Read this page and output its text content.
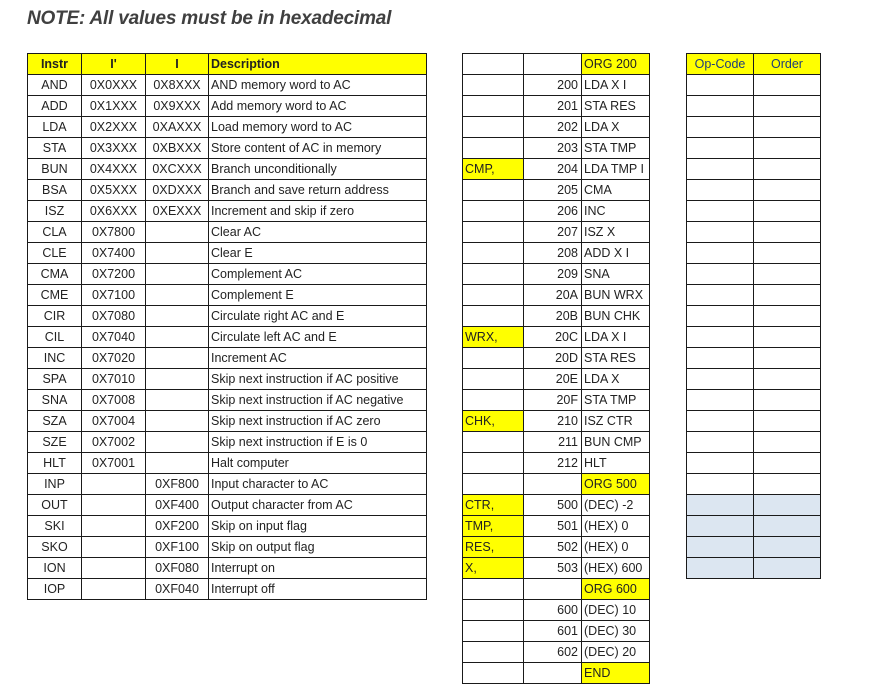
NOTE: All values must be in hexadecimal
Instr	I'	I	Description
AND	0X0XXX	0X8XXX	AND memory word to AC
ADD	0X1XXX	0X9XXX	Add memory word to AC
LDA	0X2XXX	0XAXXX	Load memory word to AC
STA	0X3XXX	0XBXXX	Store content of AC in memory
BUN	0X4XXX	0XCXXX	Branch unconditionally
BSA	0X5XXX	0XDXXX	Branch and save return address
ISZ	0X6XXX	0XEXXX	Increment and skip if zero
CLA	0X7800		Clear AC
CLE	0X7400		Clear E
CMA	0X7200		Complement AC
CME	0X7100		Complement E
CIR	0X7080		Circulate right AC and E
CIL	0X7040		Circulate left AC and E
INC	0X7020		Increment AC
SPA	0X7010		Skip next instruction if AC positive
SNA	0X7008		Skip next instruction if AC negative
SZA	0X7004		Skip next instruction if AC zero
SZE	0X7002		Skip next instruction if E is 0
HLT	0X7001		Halt computer
INP		0XF800	Input character to AC
OUT		0XF400	Output character from AC
SKI		0XF200	Skip on input flag
SKO		0XF100	Skip on output flag
ION		0XF080	Interrupt on
IOP		0XF040	Interrupt off
		ORG 200
	200	LDA X I
	201	STA RES
	202	LDA X
	203	STA TMP
CMP,	204	LDA TMP I
	205	CMA
	206	INC
	207	ISZ X
	208	ADD X I
	209	SNA
	20A	BUN WRX
	20B	BUN CHK
WRX,	20C	LDA X I
	20D	STA RES
	20E	LDA X
	20F	STA TMP
CHK,	210	ISZ CTR
	211	BUN CMP
	212	HLT
		ORG 500
CTR,	500	(DEC) -2
TMP,	501	(HEX) 0
RES,	502	(HEX) 0
X,	503	(HEX) 600
		ORG 600
	600	(DEC) 10
	601	(DEC) 30
	602	(DEC) 20
		END
Op-Code	Order
